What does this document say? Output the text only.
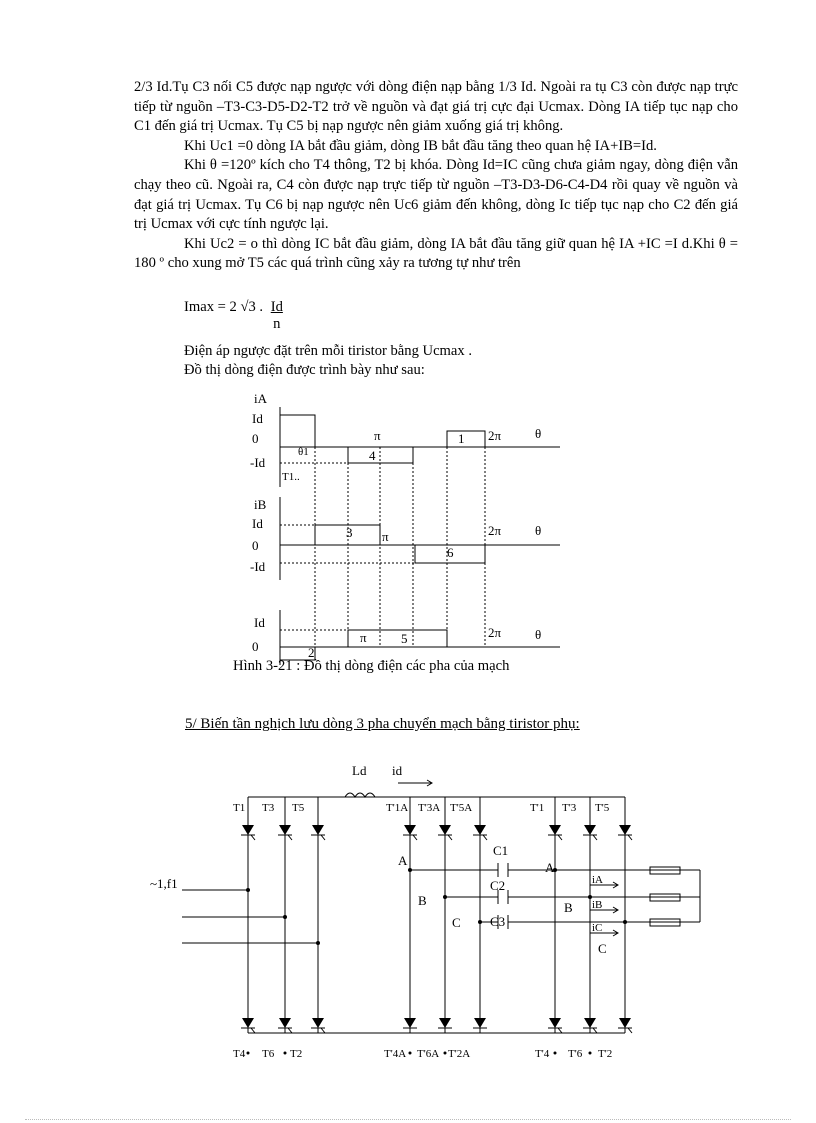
2/3 Id.Tụ C3 nối C5 được nạp ngược với dòng điện nạp bằng 1/3 Id. Ngoài ra tụ C3 còn được nạp trực tiếp từ nguồn –T3-C3-D5-D2-T2 trở về nguồn và đạt giá trị cực đại Ucmax. Dòng IA tiếp tục nạp cho C1 đến giá trị Ucmax. Tụ C5 bị nạp ngược nên giảm xuống giá trị không.

Khi Uc1 =0 dòng IA bắt đầu giảm, dòng IB bắt đầu tăng theo quan hệ IA+IB=Id.

Khi θ =120º kích cho T4 thông, T2 bị khóa. Dòng Id=IC cũng chưa giảm ngay, dòng điện vẫn chạy theo cũ. Ngoài ra, C4 còn được nạp trực tiếp từ nguồn –T3-D3-D6-C4-D4 rồi quay về nguồn và đạt giá trị Ucmax. Tụ C6 bị nạp ngược nên Uc6 giảm đến không, dòng Ic tiếp tục nạp cho C2 đến giá trị Ucmax với cực tính ngược lại.

Khi Uc2 = o thì dòng IC bắt đầu giảm, dòng IA bắt đầu tăng giữ quan hệ IA +IC =I d.Khi θ = 180 º cho xung mở T5 các quá trình cũng xảy ra tương tự như trên

Imax = 2 √3 . $\frac{Id}{n}$
Điện áp ngược đặt trên mỗi tiristor bằng Ucmax .
Đồ thị dòng điện được trình bày như sau:
iA
Id
0
-Id
π	2π	θ
1
4
θ1
T1..
iB
Id
0
-Id
π	2π	θ
3
6
Id
0
π	2π	θ
5
2
Hình 3-21 : Đồ thị dòng điện các pha của mạch
5/ Biến tần nghịch lưu dòng 3 pha chuyển mạch bằng tiristor phụ:
~1,f1
Ld id
T1 T3 T5
T4 T6 T2
T'1A T'3A T'5A
T'4A T'6A T'2A
T'1 T'3 T'5
T'4 T'6 T'2
C1
C2
C3
A
B
C
A
B
C
iA
iB
iC
